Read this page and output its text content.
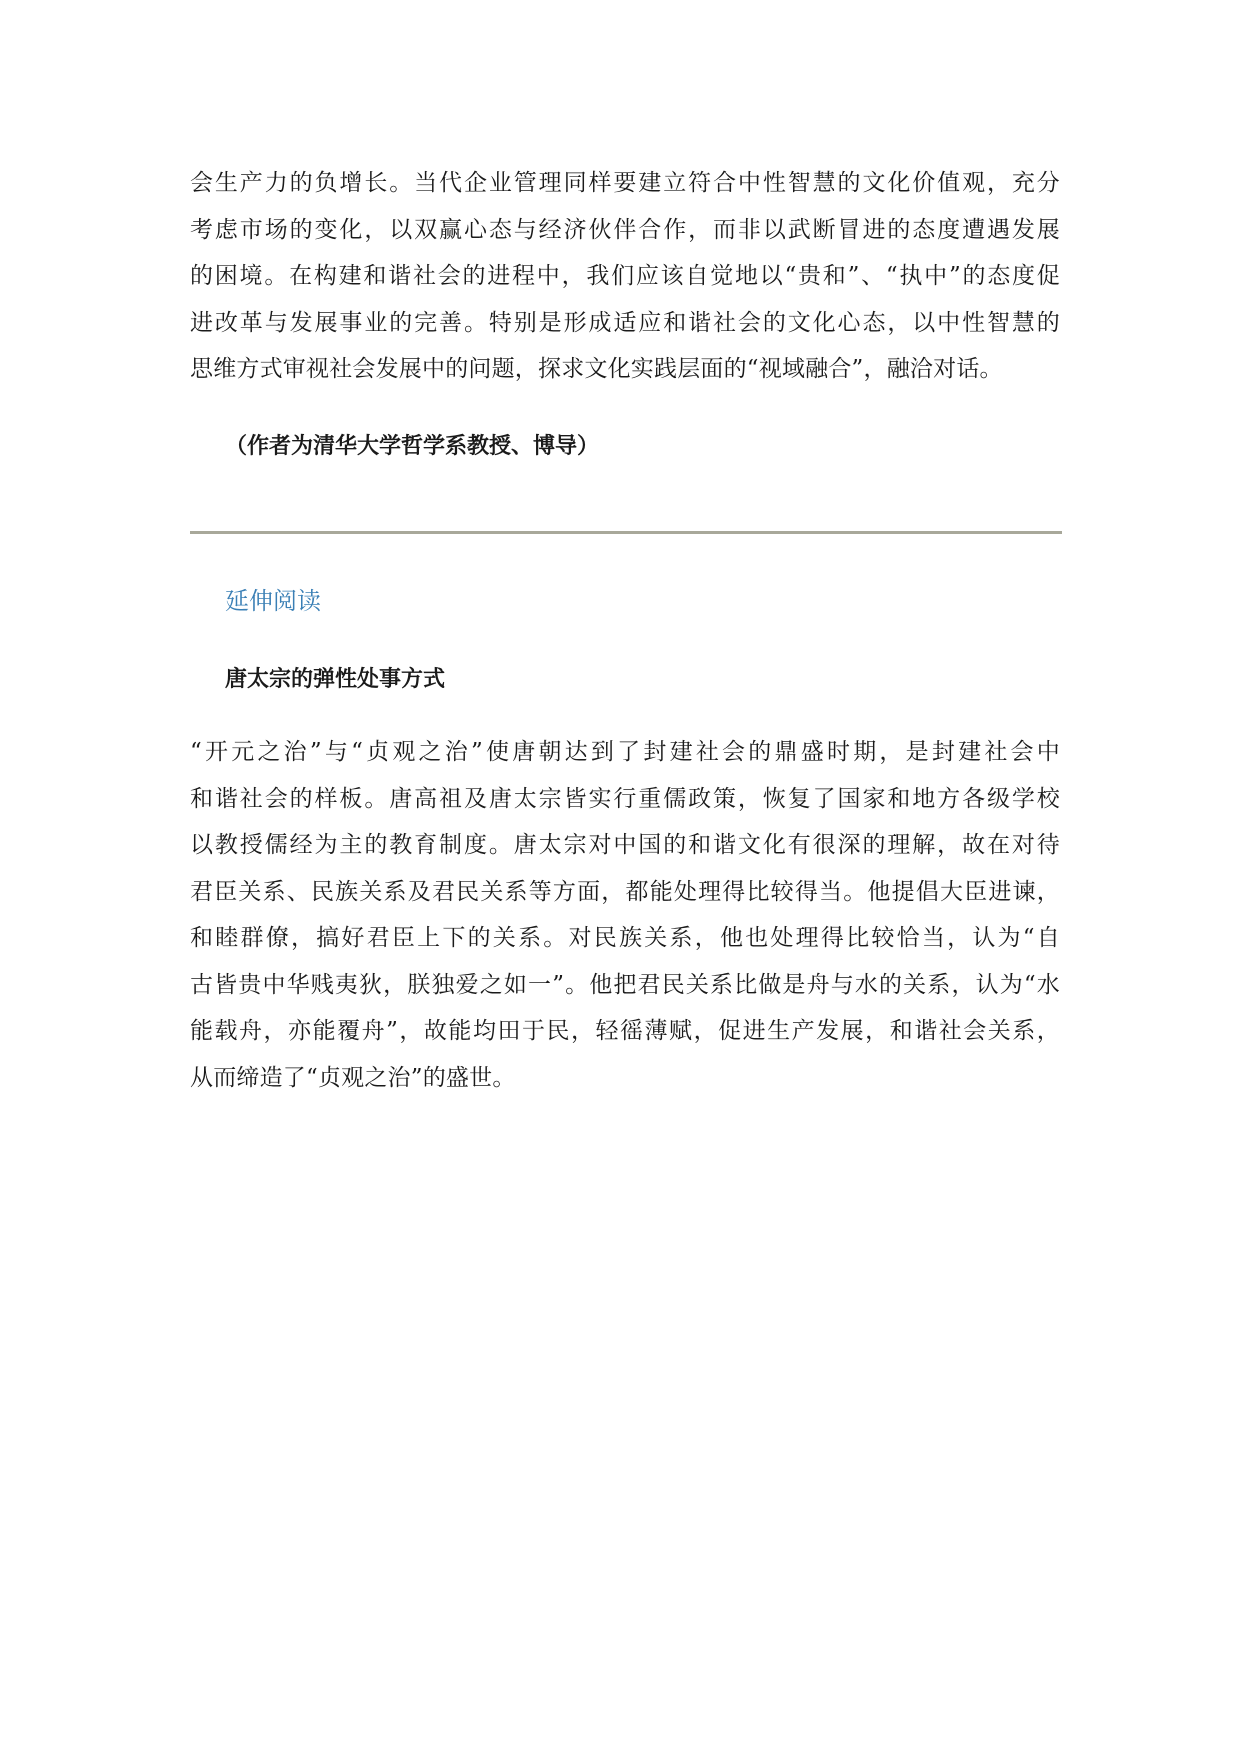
会生产力的负增长。当代企业管理同样要建立符合中性智慧的文化价值观，充分
考虑市场的变化，以双赢心态与经济伙伴合作，而非以武断冒进的态度遭遇发展
的困境。在构建和谐社会的进程中，我们应该自觉地以“贵和”、“执中”的态度促
进改革与发展事业的完善。特别是形成适应和谐社会的文化心态，以中性智慧的
思维方式审视社会发展中的问题，探求文化实践层面的“视域融合”，融洽对话。
（作者为清华大学哲学系教授、博导）
延伸阅读
唐太宗的弹性处事方式
“开元之治”与“贞观之治”使唐朝达到了封建社会的鼎盛时期，是封建社会中
和谐社会的样板。唐高祖及唐太宗皆实行重儒政策，恢复了国家和地方各级学校
以教授儒经为主的教育制度。唐太宗对中国的和谐文化有很深的理解，故在对待
君臣关系、民族关系及君民关系等方面，都能处理得比较得当。他提倡大臣进谏，
和睦群僚，搞好君臣上下的关系。对民族关系，他也处理得比较恰当，认为“自
古皆贵中华贱夷狄，朕独爱之如一”。他把君民关系比做是舟与水的关系，认为“水
能载舟，亦能覆舟”，故能均田于民，轻徭薄赋，促进生产发展，和谐社会关系，
从而缔造了“贞观之治”的盛世。
